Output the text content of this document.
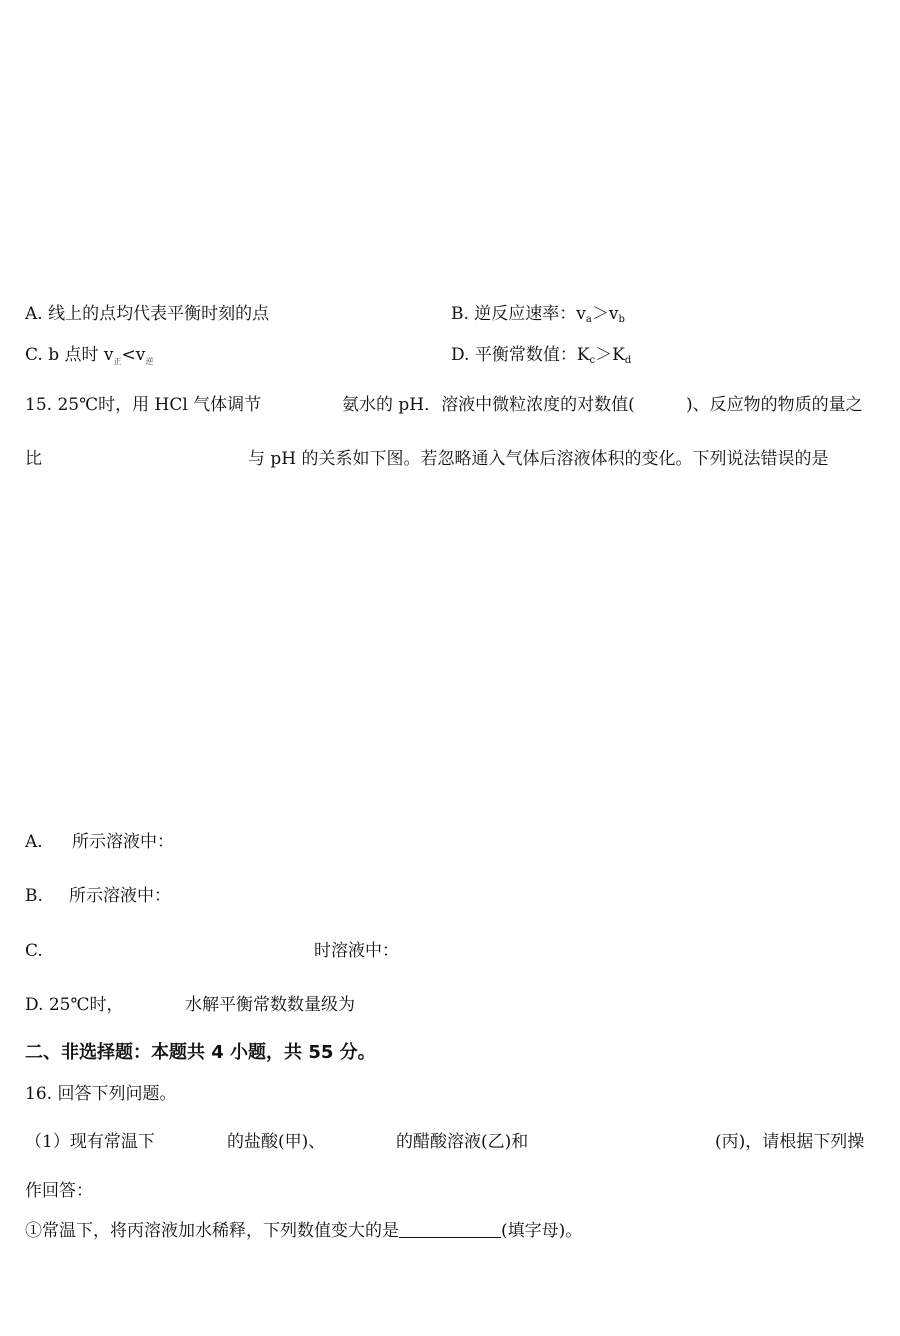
A. 线上的点均代表平衡时刻的点	B. 逆反应速率：$v_a>v_b$
C. b 点时 $v_正<v_逆$	D. 平衡常数值：$K_c>K_d$
15. 25℃时，用 HCl 气体调节	氨水的 pH．溶液中微粒浓度的对数值(	)、反应物的物质的量之
比	与 pH 的关系如下图。若忽略通入气体后溶液体积的变化。下列说法错误的是
A. 所示溶液中：
B. 所示溶液中：
C.	时溶液中：
D. 25℃时，	水解平衡常数数量级为
二、非选择题：本题共 4 小题，共 55 分。
16. 回答下列问题。
（1）现有常温下	的盐酸(甲)、	的醋酸溶液(乙)和	(丙)，请根据下列操
作回答：
①常温下，将丙溶液加水稀释，下列数值变大的是	(填字母)。
